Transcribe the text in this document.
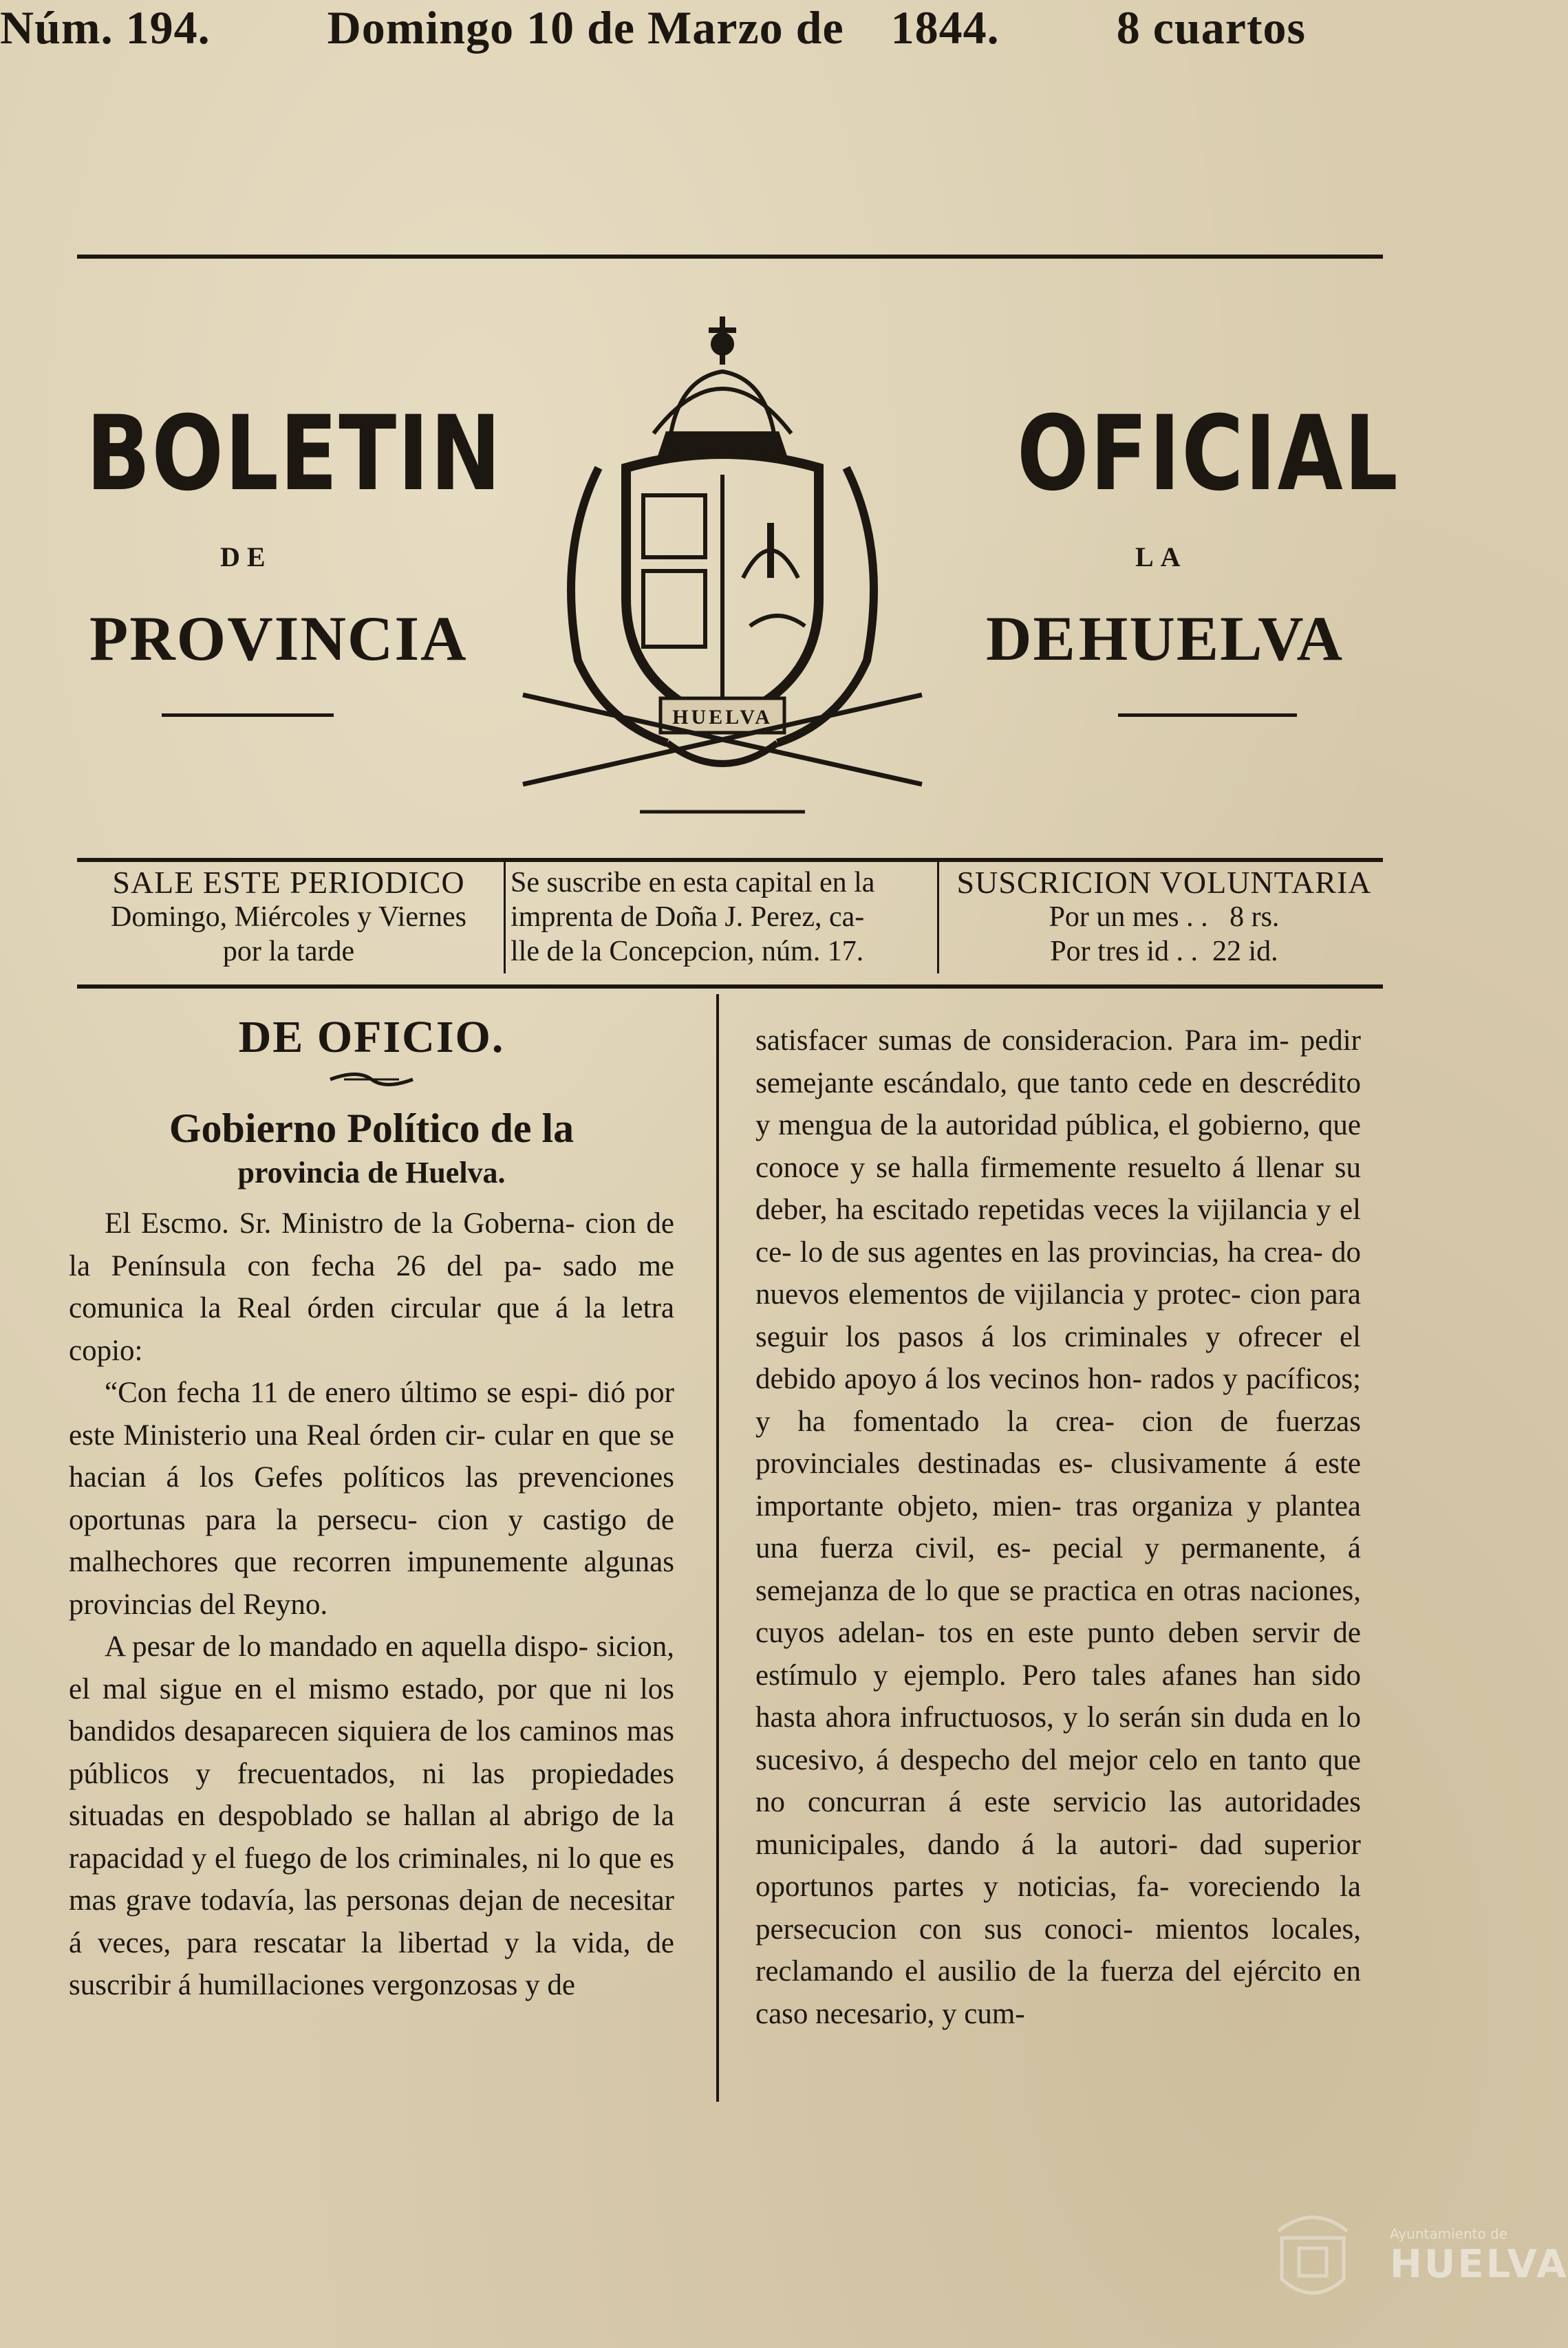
Núm. 194.	Domingo 10 de Marzo de 1844.	8 cuartos
BOLETIN
DE
PROVINCIA
OFICIAL
LA
DE HUELVA
HUELVA
SALE ESTE PERIODICO
Domingo, Miércoles y Viernes
por la tarde
Se suscribe en esta capital en la
imprenta de Doña J. Perez, ca-
lle de la Concepcion, núm. 17.
SUSCRICION VOLUNTARIA
Por un mes . .   8 rs.
Por tres id . .  22 id.
DE OFICIO.
Gobierno Político de la
provincia de Huelva.

El Escmo. Sr. Ministro de la Goberna- cion de la Península con fecha 26 del pa- sado me comunica la Real órden circular que á la letra copio:

“Con fecha 11 de enero último se espi- dió por este Ministerio una Real órden cir- cular en que se hacian á los Gefes políticos las prevenciones oportunas para la persecu- cion y castigo de malhechores que recorren impunemente algunas provincias del Reyno.

A pesar de lo mandado en aquella dispo- sicion, el mal sigue en el mismo estado, por que ni los bandidos desaparecen siquiera de los caminos mas públicos y frecuentados, ni las propiedades situadas en despoblado se hallan al abrigo de la rapacidad y el fuego de los criminales, ni lo que es mas grave todavía, las personas dejan de necesitar á veces, para rescatar la libertad y la vida, de suscribir á humillaciones vergonzosas y de

satisfacer sumas de consideracion. Para im- pedir semejante escándalo, que tanto cede en descrédito y mengua de la autoridad pública, el gobierno, que conoce y se halla firmemente resuelto á llenar su deber, ha escitado repetidas veces la vijilancia y el ce- lo de sus agentes en las provincias, ha crea- do nuevos elementos de vijilancia y protec- cion para seguir los pasos á los criminales y ofrecer el debido apoyo á los vecinos hon- rados y pacíficos; y ha fomentado la crea- cion de fuerzas provinciales destinadas es- clusivamente á este importante objeto, mien- tras organiza y plantea una fuerza civil, es- pecial y permanente, á semejanza de lo que se practica en otras naciones, cuyos adelan- tos en este punto deben servir de estímulo y ejemplo. Pero tales afanes han sido hasta ahora infructuosos, y lo serán sin duda en lo sucesivo, á despecho del mejor celo en tanto que no concurran á este servicio las autoridades municipales, dando á la autori- dad superior oportunos partes y noticias, fa- voreciendo la persecucion con sus conoci- mientos locales, reclamando el ausilio de la fuerza del ejército en caso necesario, y cum-

Ayuntamiento de
HUELVA
